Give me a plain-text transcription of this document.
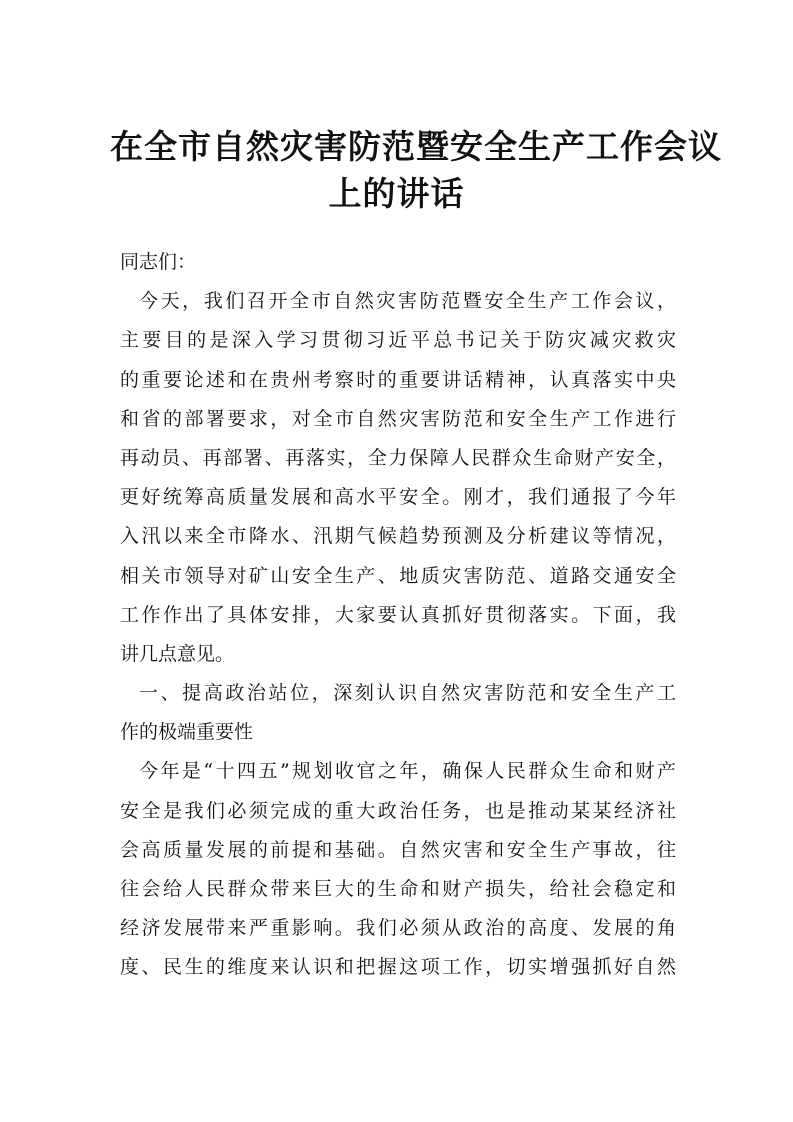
在全市自然灾害防范暨安全生产工作会议
上的讲话
同志们：
今天，我们召开全市自然灾害防范暨安全生产工作会议，
主要目的是深入学习贯彻习近平总书记关于防灾减灾救灾
的重要论述和在贵州考察时的重要讲话精神，认真落实中央
和省的部署要求，对全市自然灾害防范和安全生产工作进行
再动员、再部署、再落实，全力保障人民群众生命财产安全，
更好统筹高质量发展和高水平安全。刚才，我们通报了今年
入汛以来全市降水、汛期气候趋势预测及分析建议等情况，
相关市领导对矿山安全生产、地质灾害防范、道路交通安全
工作作出了具体安排，大家要认真抓好贯彻落实。下面，我
讲几点意见。
一、提高政治站位，深刻认识自然灾害防范和安全生产工
作的极端重要性
今年是“十四五”规划收官之年，确保人民群众生命和财产
安全是我们必须完成的重大政治任务，也是推动某某经济社
会高质量发展的前提和基础。自然灾害和安全生产事故，往
往会给人民群众带来巨大的生命和财产损失，给社会稳定和
经济发展带来严重影响。我们必须从政治的高度、发展的角
度、民生的维度来认识和把握这项工作，切实增强抓好自然
